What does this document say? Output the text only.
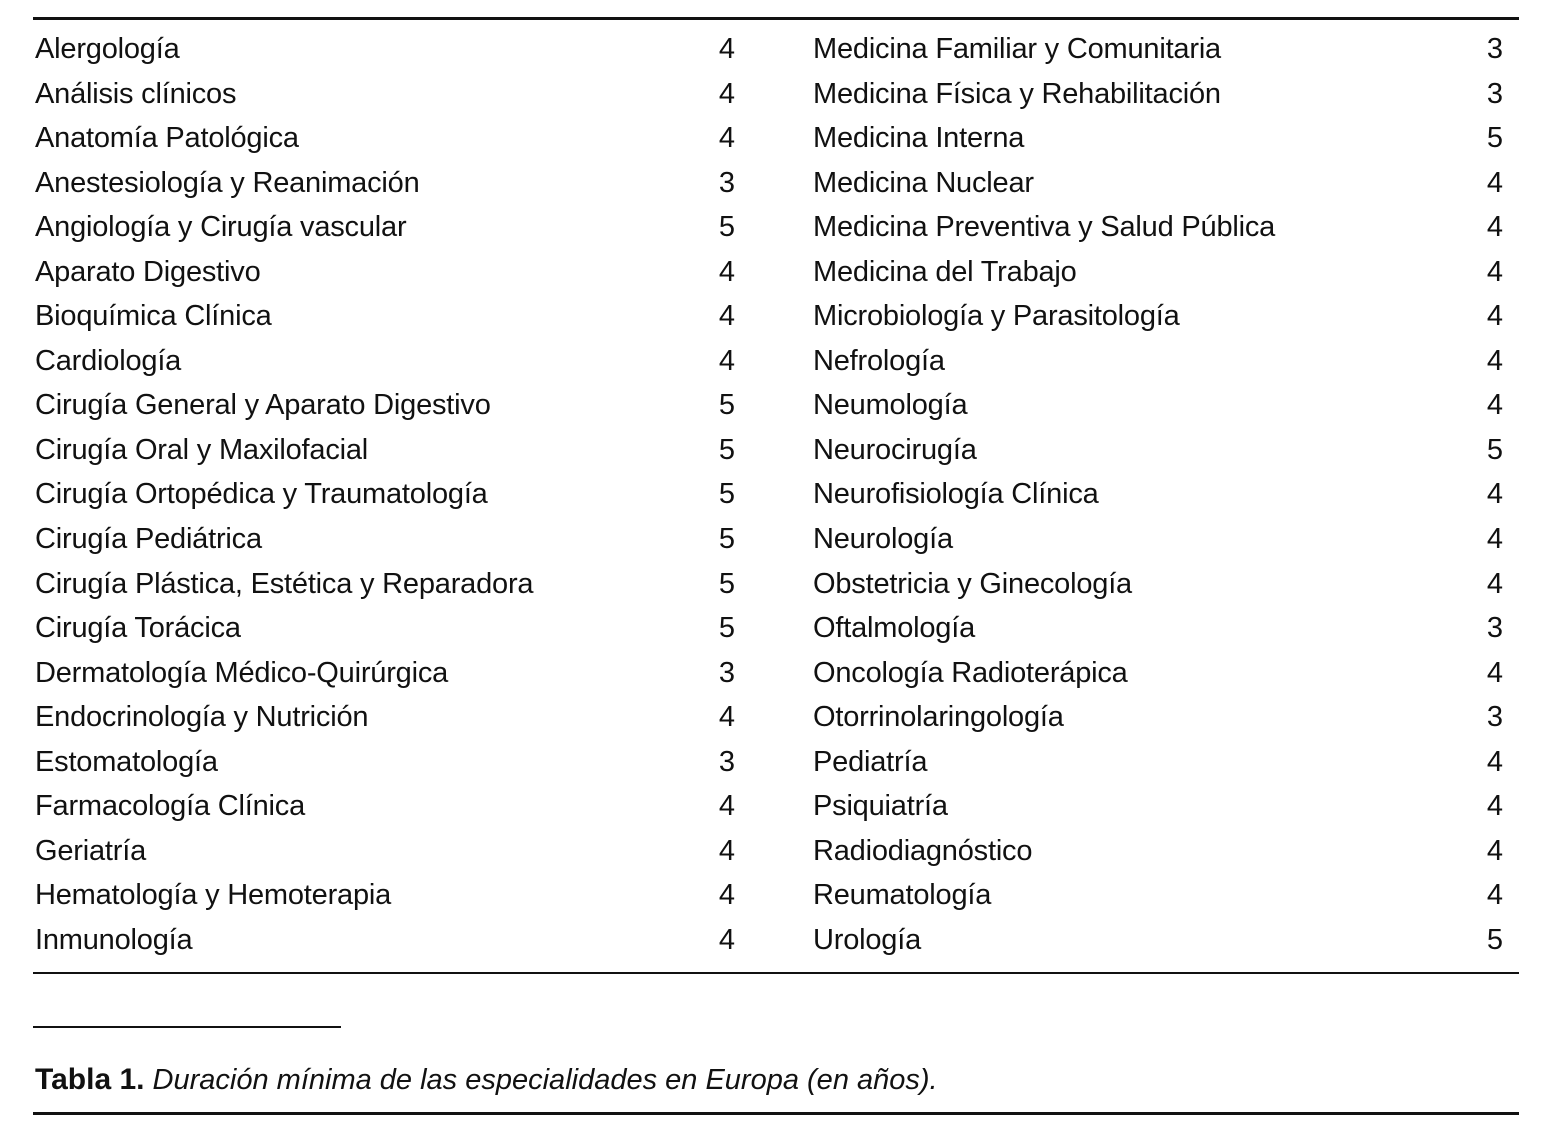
Alergología	4
Análisis clínicos	4
Anatomía Patológica	4
Anestesiología y Reanimación	3
Angiología y Cirugía vascular	5
Aparato Digestivo	4
Bioquímica Clínica	4
Cardiología	4
Cirugía General y Aparato Digestivo	5
Cirugía Oral y Maxilofacial	5
Cirugía Ortopédica y Traumatología	5
Cirugía Pediátrica	5
Cirugía Plástica, Estética y Reparadora	5
Cirugía Torácica	5
Dermatología Médico-Quirúrgica	3
Endocrinología y Nutrición	4
Estomatología	3
Farmacología Clínica	4
Geriatría	4
Hematología y Hemoterapia	4
Inmunología	4
Medicina Familiar y Comunitaria	3
Medicina Física y Rehabilitación	3
Medicina Interna	5
Medicina Nuclear	4
Medicina Preventiva y Salud Pública	4
Medicina del Trabajo	4
Microbiología y Parasitología	4
Nefrología	4
Neumología	4
Neurocirugía	5
Neurofisiología Clínica	4
Neurología	4
Obstetricia y Ginecología	4
Oftalmología	3
Oncología Radioterápica	4
Otorrinolaringología	3
Pediatría	4
Psiquiatría	4
Radiodiagnóstico	4
Reumatología	4
Urología	5
Tabla 1. Duración mínima de las especialidades en Europa (en años).
